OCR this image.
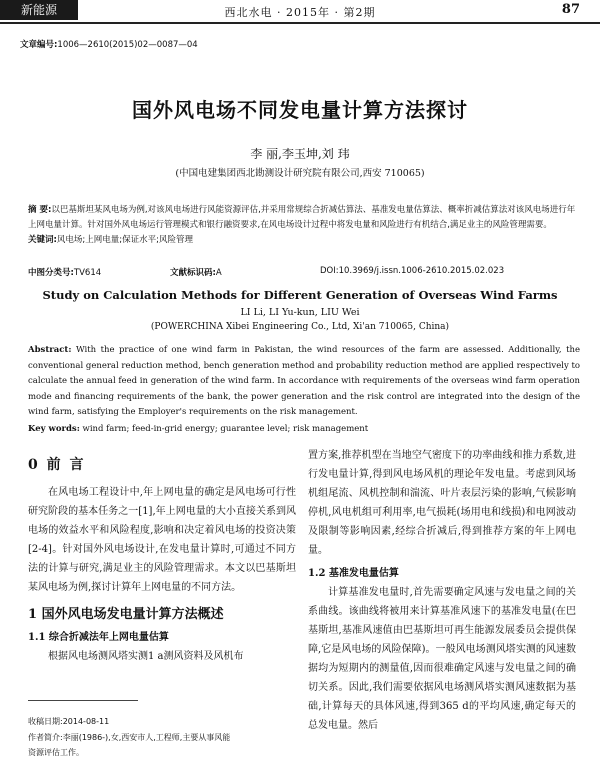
新能源	西北水电 · 2015年 · 第2期	87
文章编号:1006—2610(2015)02—0087—04
国外风电场不同发电量计算方法探讨
李 丽,李玉坤,刘 玮
(中国电建集团西北勘测设计研究院有限公司,西安 710065)
摘 要:以巴基斯坦某风电场为例,对该风电场进行风能资源评估,并采用常规综合折减估算法、基准发电量估算法、概率折减估算法对该风电场进行年上网电量计算。针对国外风电场运行管理模式和银行融资要求,在风电场设计过程中将发电量和风险进行有机结合,满足业主的风险管理需要。
关键词:风电场;上网电量;保证水平;风险管理
中图分类号:TV614	文献标识码:A	DOI:10.3969/j.issn.1006-2610.2015.02.023
Study on Calculation Methods for Different Generation of Overseas Wind Farms
LI Li, LI Yu-kun, LIU Wei
(POWERCHINA Xibei Engineering Co., Ltd, Xi'an 710065, China)
Abstract: With the practice of one wind farm in Pakistan, the wind resources of the farm are assessed. Additionally, the conventional general reduction method, bench generation method and probability reduction method are applied respectively to calculate the annual feed in generation of the wind farm. In accordance with requirements of the overseas wind farm operation mode and financing requirements of the bank, the power generation and the risk control are integrated into the design of the wind farm, satisfying the Employer's requirements on the risk management.
Key words: wind farm; feed-in-grid energy; guarantee level; risk management
0 前 言

在风电场工程设计中,年上网电量的确定是风电场可行性研究阶段的基本任务之一[1],年上网电量的大小直接关系到风电场的效益水平和风险程度,影响和决定着风电场的投资决策[2-4]。针对国外风电场设计,在发电量计算时,可通过不同方法的计算与研究,满足业主的风险管理需求。本文以巴基斯坦某风电场为例,探讨计算年上网电量的不同方法。

1 国外风电场发电量计算方法概述
1.1 综合折减法年上网电量估算

根据风电场测风塔实测1 a测风资料及风机布

置方案,推荐机型在当地空气密度下的功率曲线和推力系数,进行发电量计算,得到风电场风机的理论年发电量。考虑到风场机组尾流、风机控制和湍流、叶片表层污染的影响,气候影响停机,风电机组可利用率,电气损耗(场用电和线损)和电网波动及限制等影响因素,经综合折减后,得到推荐方案的年上网电量。

1.2 基准发电量估算

计算基准发电量时,首先需要确定风速与发电量之间的关系曲线。该曲线将被用来计算基准风速下的基准发电量(在巴基斯坦,基准风速值由巴基斯坦可再生能源发展委员会提供保障,它是风电场的风险保障)。一般风电场测风塔实测的风速数据均为短期内的测量值,因而很难确定风速与发电量之间的确切关系。因此,我们需要依据风电场测风塔实测风速数据为基础,计算每天的具体风速,得到365 d的平均风速,确定每天的总发电量。然后

收稿日期:2014-08-11
作者简介:李丽(1986-),女,西安市人,工程师,主要从事风能
资源评估工作。
